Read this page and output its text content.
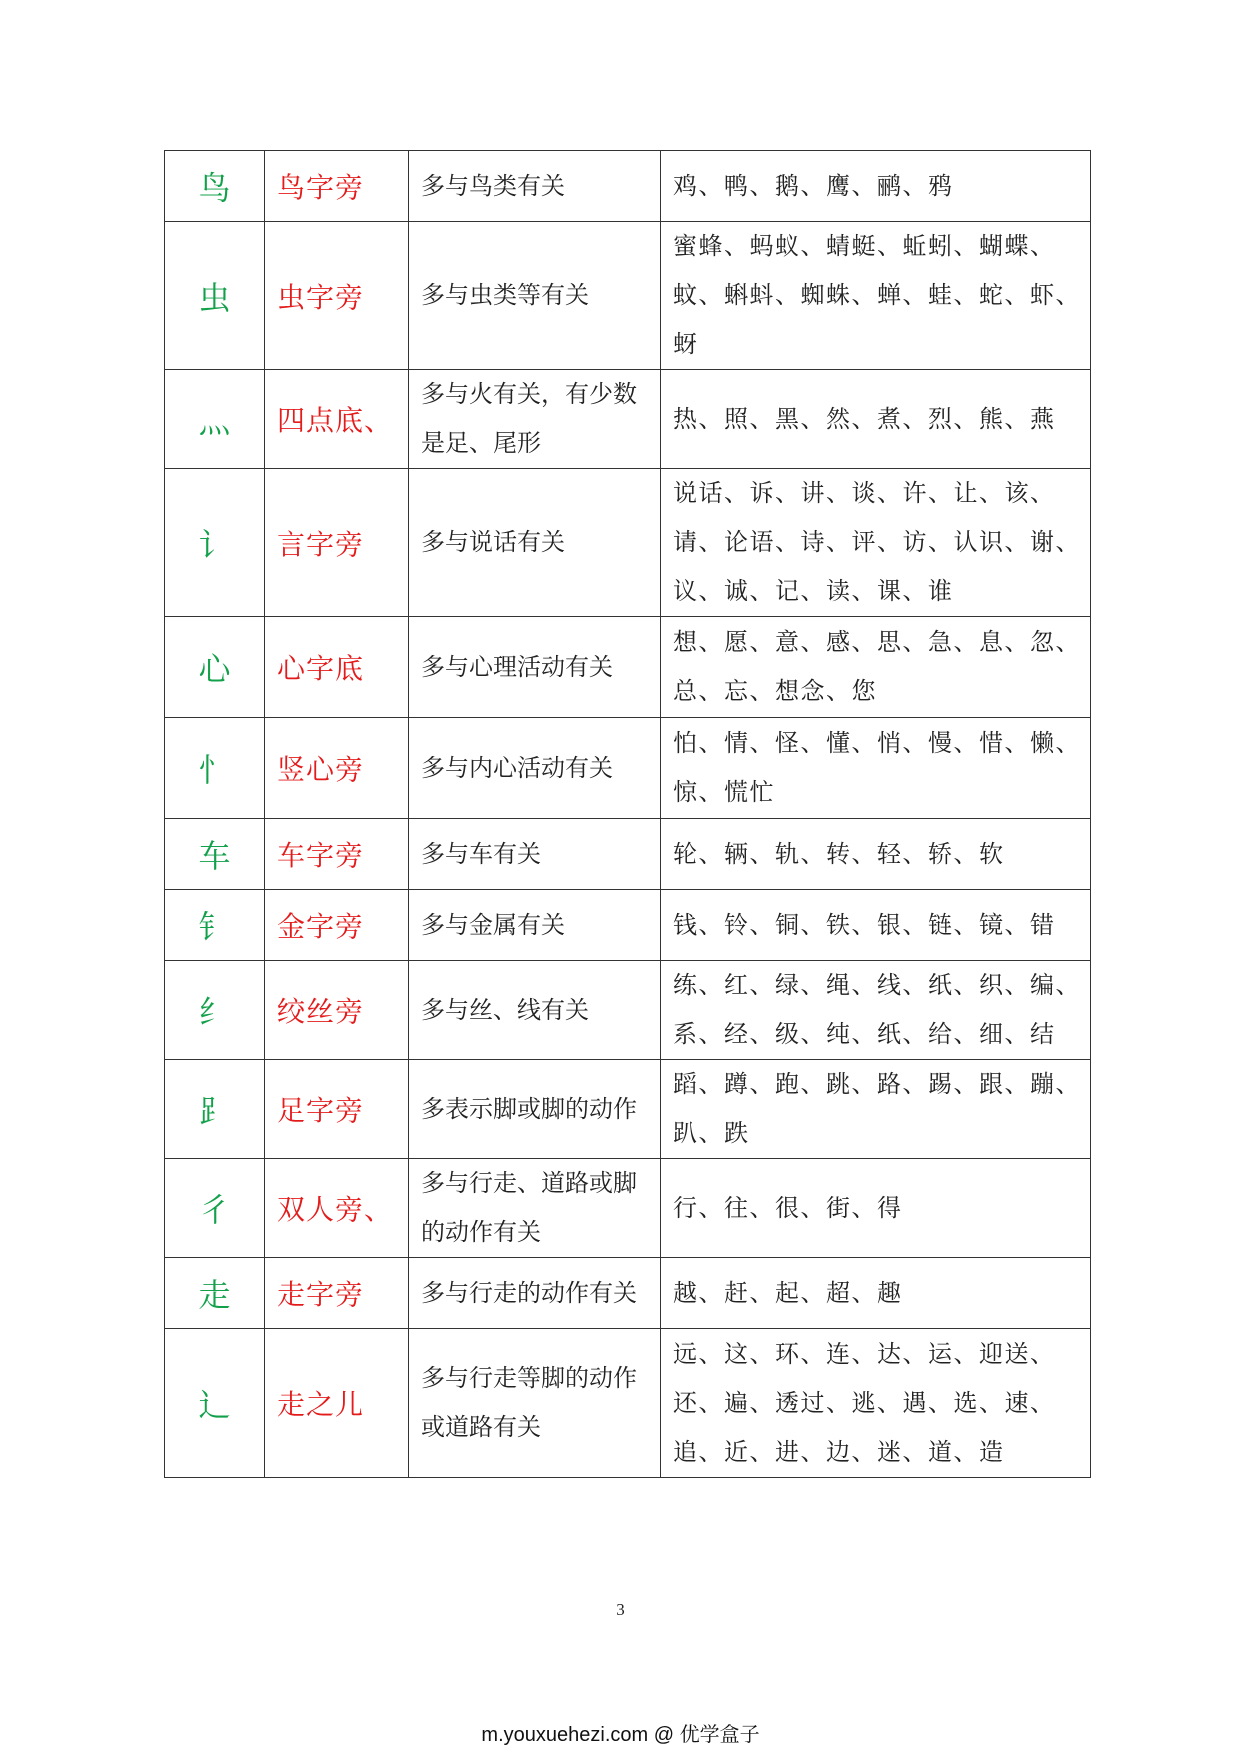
鸟	鸟字旁	多与鸟类有关	鸡、鸭、鹅、鹰、鹂、鸦
虫	虫字旁	多与虫类等有关	蜜蜂、蚂蚁、蜻蜓、蚯蚓、蝴蝶、蚊、蝌蚪、蜘蛛、蝉、蛙、蛇、虾、蚜
灬	四点底、	多与火有关，有少数是足、尾形	热、照、黑、然、煮、烈、熊、燕
讠	言字旁	多与说话有关	说话、诉、讲、谈、许、让、该、请、论语、诗、评、访、认识、谢、议、诚、记、读、课、谁
心	心字底	多与心理活动有关	想、愿、意、感、思、急、息、忽、总、忘、想念、您
忄	竖心旁	多与内心活动有关	怕、情、怪、懂、悄、慢、惜、懒、惊、慌忙
车	车字旁	多与车有关	轮、辆、轨、转、轻、轿、软
钅	金字旁	多与金属有关	钱、铃、铜、铁、银、链、镜、错
纟	绞丝旁	多与丝、线有关	练、红、绿、绳、线、纸、织、编、系、经、级、纯、纸、给、细、结
⻊	足字旁	多表示脚或脚的动作	蹈、蹲、跑、跳、路、踢、跟、蹦、趴、跌
彳	双人旁、	多与行走、道路或脚的动作有关	行、往、很、街、得
走	走字旁	多与行走的动作有关	越、赶、起、超、趣
辶	走之儿	多与行走等脚的动作或道路有关	远、这、环、连、达、运、迎送、还、遍、透过、逃、遇、选、速、追、近、进、边、迷、道、造
3
m.youxuehezi.com @ 优学盒子
